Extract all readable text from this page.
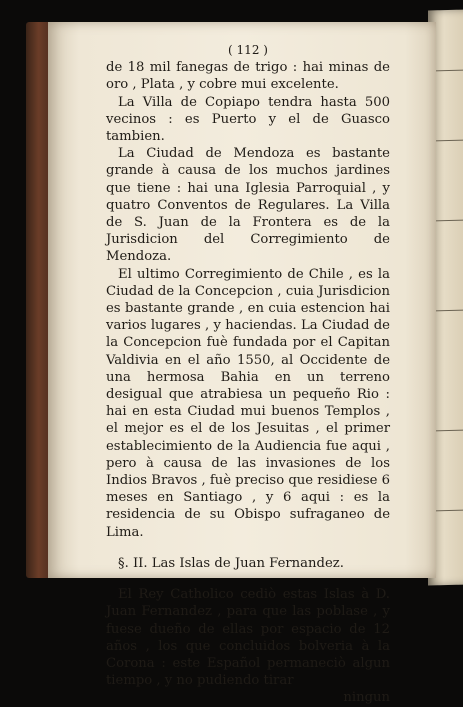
( 112 )

de 18 mil fanegas de trigo : hai minas de oro , Plata , y cobre mui excelente.

La Villa de Copiapo tendra hasta 500 vecinos : es Puerto y el de Guasco tambien.

La Ciudad de Mendoza es bastante grande à causa de los muchos jardines que tiene : hai una Iglesia Parroquial , y quatro Conventos de Regulares. La Villa de S. Juan de la Frontera es de la Jurisdicion del Corregimiento de Mendoza.

El ultimo Corregimiento de Chile , es la Ciudad de la Concepcion , cuia Jurisdicion es bastante grande , en cuia estencion hai varios lugares , y haciendas. La Ciudad de la Concepcion fuè fundada por el Capitan Valdivia en el año 1550, al Occidente de una hermosa Bahia en un terreno desigual que atrabiesa un pequeño Rio : hai en esta Ciudad mui buenos Templos , el mejor es el de los Jesuitas , el primer establecimiento de la Audiencia fue aqui , pero à causa de las invasiones de los Indios Bravos , fuè preciso que residiese 6 meses en Santiago , y 6 aqui : es la residencia de su Obispo sufraganeo de Lima.

§. II. Las Islas de Juan Fernandez.

El Rey Catholico cediò estas Islas à D. Juan Fernandez , para que las poblase , y fuese dueño de ellas por espacio de 12 años , los que concluidos bolveria à la Corona : este Español permaneciò algun tiempo , y no pudiendo tirar

ningun
